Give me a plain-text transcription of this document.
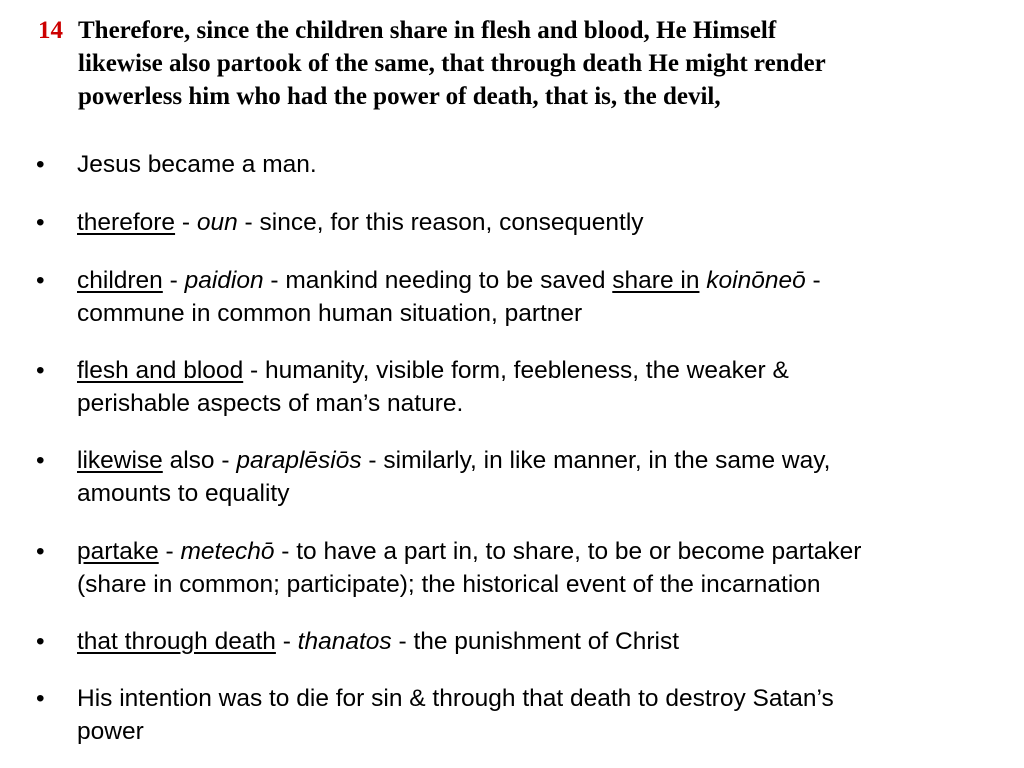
14 Therefore, since the children share in flesh and blood, He Himself
likewise also partook of the same, that through death He might render
powerless him who had the power of death, that is, the devil,
•	Jesus became a man.
•	therefore - oun - since, for this reason, consequently
•	children - paidion - mankind needing to be saved share in koinōneō -
commune in common human situation, partner
•	flesh and blood - humanity, visible form, feebleness, the weaker &
perishable aspects of man’s nature.
•	likewise also - paraplēsiōs - similarly, in like manner, in the same way,
amounts to equality
•	partake - metechō - to have a part in, to share, to be or become partaker
(share in common; participate); the historical event of the incarnation
•	that through death - thanatos - the punishment of Christ
•	His intention was to die for sin & through that death to destroy Satan’s
power
